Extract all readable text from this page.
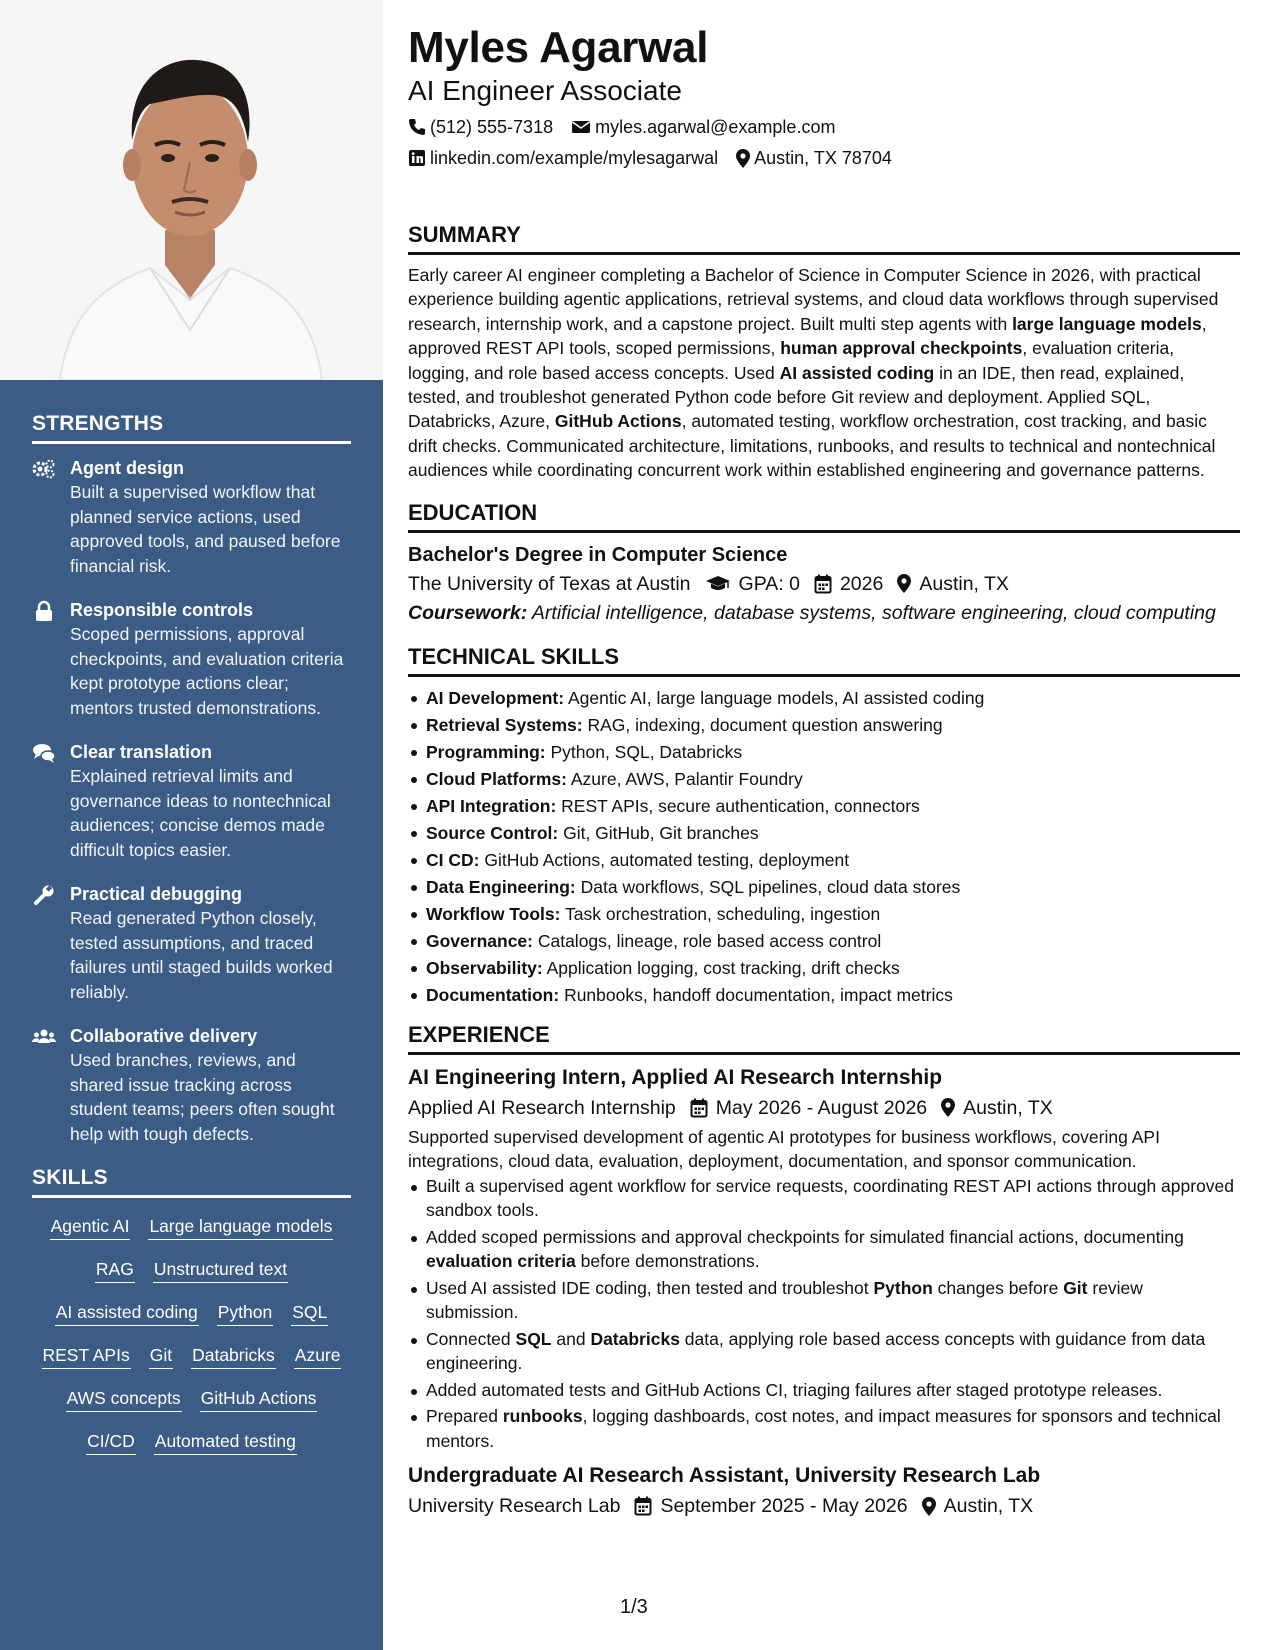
STRENGTHS
Agent design
Built a supervised workflow that planned service actions, used approved tools, and paused before financial risk.
Responsible controls
Scoped permissions, approval checkpoints, and evaluation criteria kept prototype actions clear; mentors trusted demonstrations.
Clear translation
Explained retrieval limits and governance ideas to nontechnical audiences; concise demos made difficult topics easier.
Practical debugging
Read generated Python closely, tested assumptions, and traced failures until staged builds worked reliably.
Collaborative delivery
Used branches, reviews, and shared issue tracking across student teams; peers often sought help with tough defects.
SKILLS
Agentic AI Large language models
RAG Unstructured text
AI assisted coding Python SQL
REST APIs Git Databricks Azure
AWS concepts GitHub Actions
CI/CD Automated testing
Myles Agarwal
AI Engineer Associate
(512) 555-7318 myles.agarwal@example.com
linkedin.com/example/mylesagarwal Austin, TX 78704
SUMMARY
Early career AI engineer completing a Bachelor of Science in Computer Science in 2026, with practical experience building agentic applications, retrieval systems, and cloud data workflows through supervised research, internship work, and a capstone project. Built multi step agents with large language models, approved REST API tools, scoped permissions, human approval checkpoints, evaluation criteria, logging, and role based access concepts. Used AI assisted coding in an IDE, then read, explained, tested, and troubleshot generated Python code before Git review and deployment. Applied SQL, Databricks, Azure, GitHub Actions, automated testing, workflow orchestration, cost tracking, and basic drift checks. Communicated architecture, limitations, runbooks, and results to technical and nontechnical audiences while coordinating concurrent work within established engineering and governance patterns.
EDUCATION
Bachelor's Degree in Computer Science
The University of Texas at Austin GPA: 0 2026 Austin, TX
Coursework: Artificial intelligence, database systems, software engineering, cloud computing
TECHNICAL SKILLS
AI Development: Agentic AI, large language models, AI assisted coding
Retrieval Systems: RAG, indexing, document question answering
Programming: Python, SQL, Databricks
Cloud Platforms: Azure, AWS, Palantir Foundry
API Integration: REST APIs, secure authentication, connectors
Source Control: Git, GitHub, Git branches
CI CD: GitHub Actions, automated testing, deployment
Data Engineering: Data workflows, SQL pipelines, cloud data stores
Workflow Tools: Task orchestration, scheduling, ingestion
Governance: Catalogs, lineage, role based access control
Observability: Application logging, cost tracking, drift checks
Documentation: Runbooks, handoff documentation, impact metrics
EXPERIENCE
AI Engineering Intern, Applied AI Research Internship
Applied AI Research Internship May 2026 - August 2026 Austin, TX
Supported supervised development of agentic AI prototypes for business workflows, covering API integrations, cloud data, evaluation, deployment, documentation, and sponsor communication.
Built a supervised agent workflow for service requests, coordinating REST API actions through approved sandbox tools.
Added scoped permissions and approval checkpoints for simulated financial actions, documenting evaluation criteria before demonstrations.
Used AI assisted IDE coding, then tested and troubleshot Python changes before Git review submission.
Connected SQL and Databricks data, applying role based access concepts with guidance from data engineering.
Added automated tests and GitHub Actions CI, triaging failures after staged prototype releases.
Prepared runbooks, logging dashboards, cost notes, and impact measures for sponsors and technical mentors.
Undergraduate AI Research Assistant, University Research Lab
University Research Lab September 2025 - May 2026 Austin, TX
1/3
